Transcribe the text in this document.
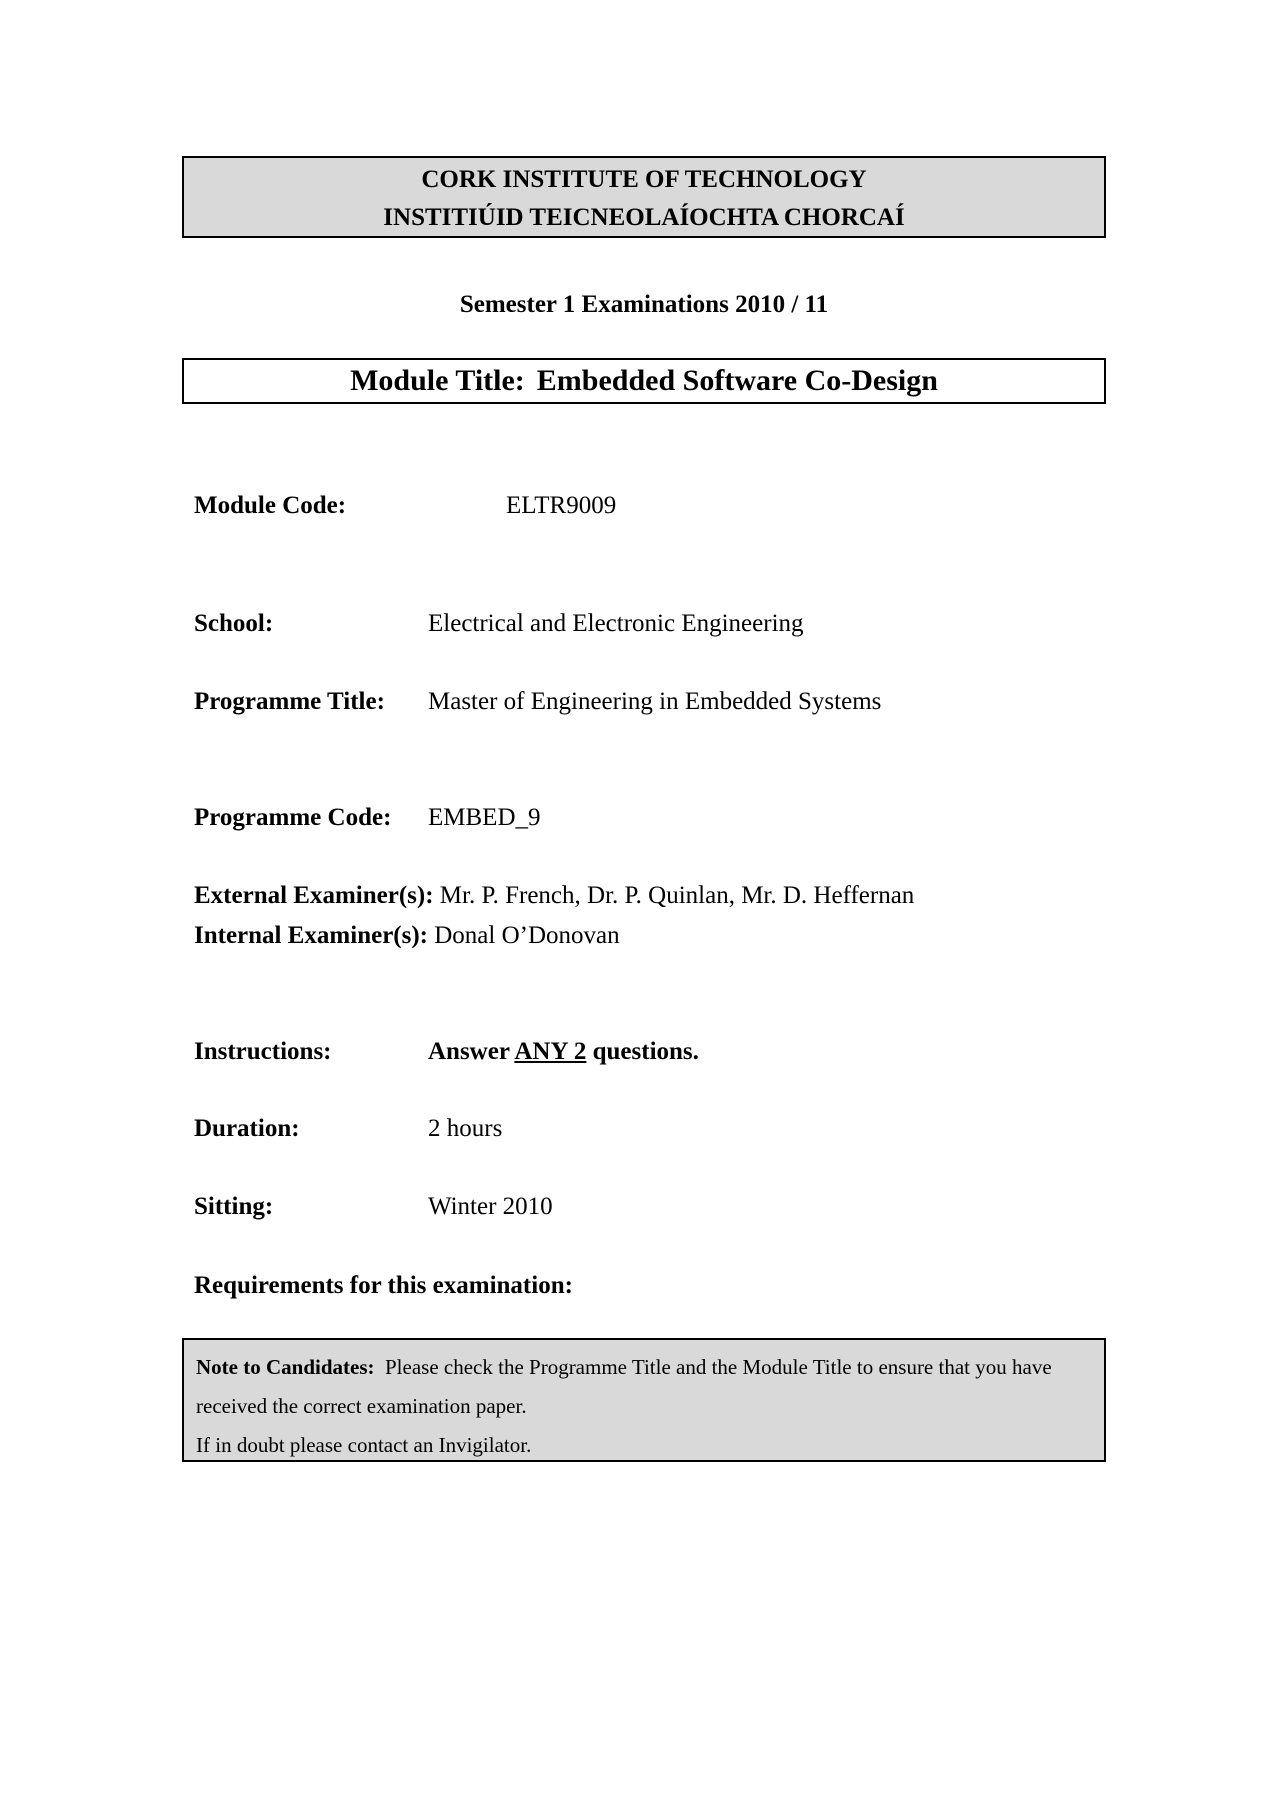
CORK INSTITUTE OF TECHNOLOGY
INSTITIÚID TEICNEOLAÍOCHTA CHORCAÍ
Semester 1 Examinations 2010 / 11
Module Title: Embedded Software Co-Design
Module Code:	ELTR9009
School:	Electrical and Electronic Engineering
Programme Title: Master of Engineering in Embedded Systems
Programme Code: EMBED_9
External Examiner(s): Mr. P. French, Dr. P. Quinlan, Mr. D. Heffernan
Internal Examiner(s): Donal O’Donovan
Instructions:	Answer ANY 2 questions.
Duration:	2 hours
Sitting:	Winter 2010
Requirements for this examination:
Note to Candidates: Please check the Programme Title and the Module Title to ensure that you have
received the correct examination paper.
If in doubt please contact an Invigilator.
